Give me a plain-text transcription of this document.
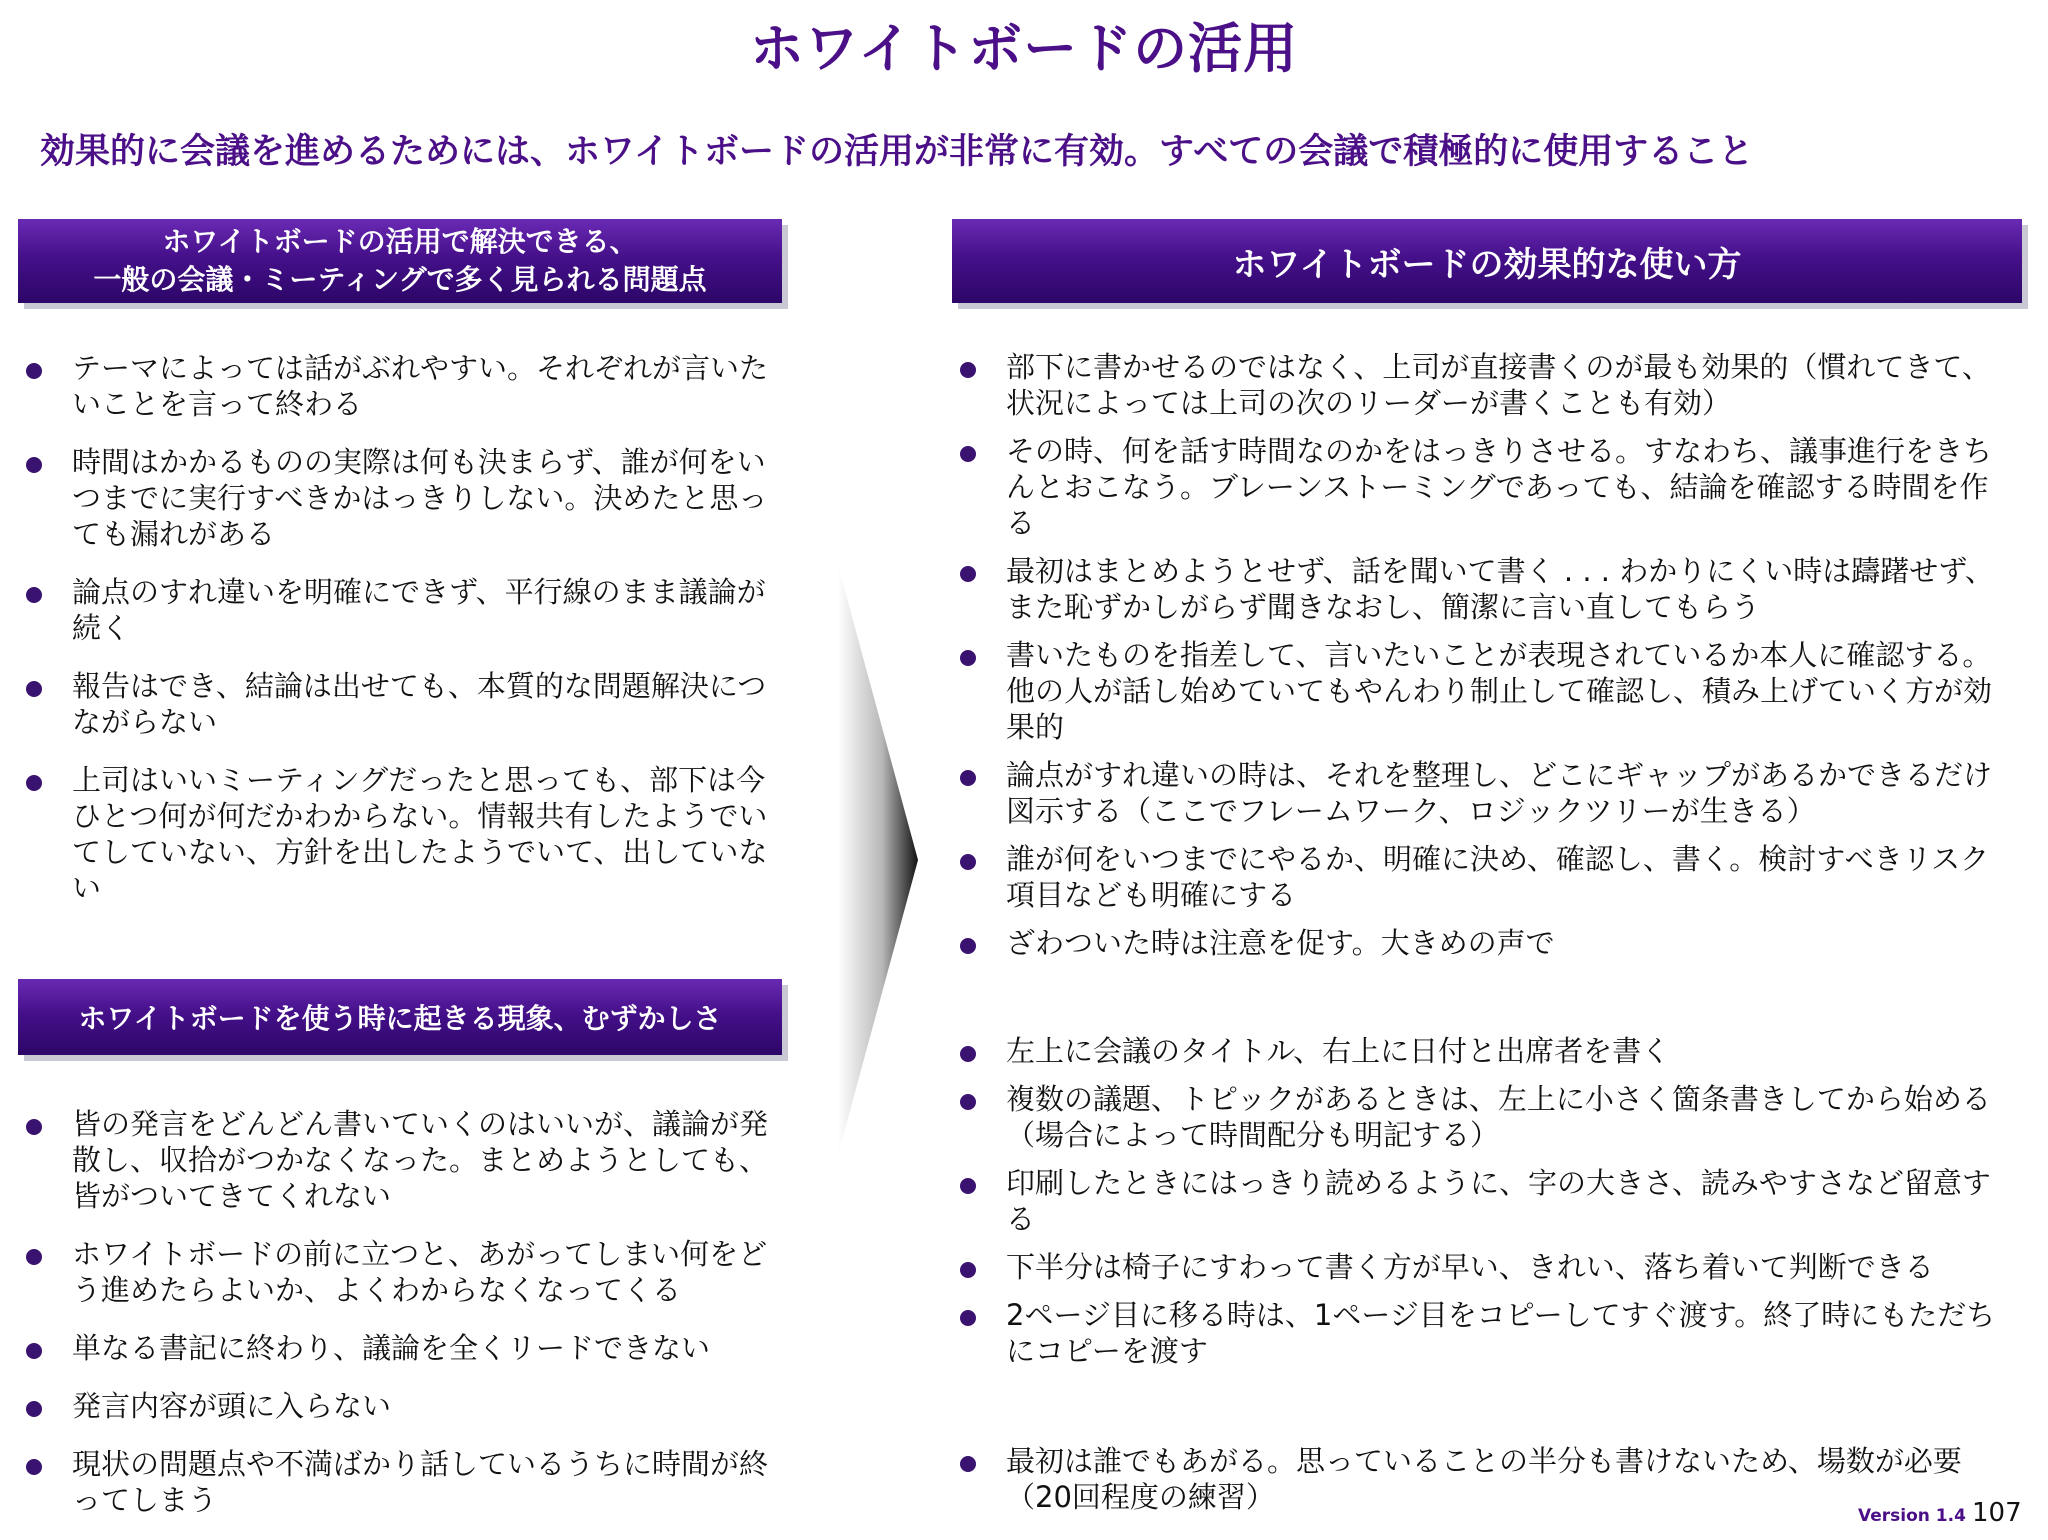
ホワイトボードの活用
効果的に会議を進めるためには、ホワイトボードの活用が非常に有効。すべての会議で積極的に使用すること
ホワイトボードの活用で解決できる、
一般の会議・ミーティングで多く見られる問題点
テーマによっては話がぶれやすい。それぞれが言いたいことを言って終わる
時間はかかるものの実際は何も決まらず、誰が何をいつまでに実行すべきかはっきりしない。決めたと思っても漏れがある
論点のすれ違いを明確にできず、平行線のまま議論が続く
報告はでき、結論は出せても、本質的な問題解決につながらない
上司はいいミーティングだったと思っても、部下は今ひとつ何が何だかわからない。情報共有したようでいてしていない、方針を出したようでいて、出していない
ホワイトボードを使う時に起きる現象、むずかしさ
皆の発言をどんどん書いていくのはいいが、議論が発散し、収拾がつかなくなった。まとめようとしても、皆がついてきてくれない
ホワイトボードの前に立つと、あがってしまい何をどう進めたらよいか、よくわからなくなってくる
単なる書記に終わり、議論を全くリードできない
発言内容が頭に入らない
現状の問題点や不満ばかり話しているうちに時間が終ってしまう
ホワイトボードの効果的な使い方
部下に書かせるのではなく、上司が直接書くのが最も効果的（慣れてきて、状況によっては上司の次のリーダーが書くことも有効）
その時、何を話す時間なのかをはっきりさせる。すなわち、議事進行をきちんとおこなう。ブレーンストーミングであっても、結論を確認する時間を作る
最初はまとめようとせず、話を聞いて書く . . . わかりにくい時は躊躇せず、また恥ずかしがらず聞きなおし、簡潔に言い直してもらう
書いたものを指差して、言いたいことが表現されているか本人に確認する。他の人が話し始めていてもやんわり制止して確認し、積み上げていく方が効果的
論点がすれ違いの時は、それを整理し、どこにギャップがあるかできるだけ図示する（ここでフレームワーク、ロジックツリーが生きる）
誰が何をいつまでにやるか、明確に決め、確認し、書く。検討すべきリスク項目なども明確にする
ざわついた時は注意を促す。大きめの声で
左上に会議のタイトル、右上に日付と出席者を書く
複数の議題、トピックがあるときは、左上に小さく箇条書きしてから始める（場合によって時間配分も明記する）
印刷したときにはっきり読めるように、字の大きさ、読みやすさなど留意する
下半分は椅子にすわって書く方が早い、きれい、落ち着いて判断できる
2ページ目に移る時は、1ページ目をコピーしてすぐ渡す。終了時にもただちにコピーを渡す
最初は誰でもあがる。思っていることの半分も書けないため、場数が必要（20回程度の練習）
Version 1.4 107
